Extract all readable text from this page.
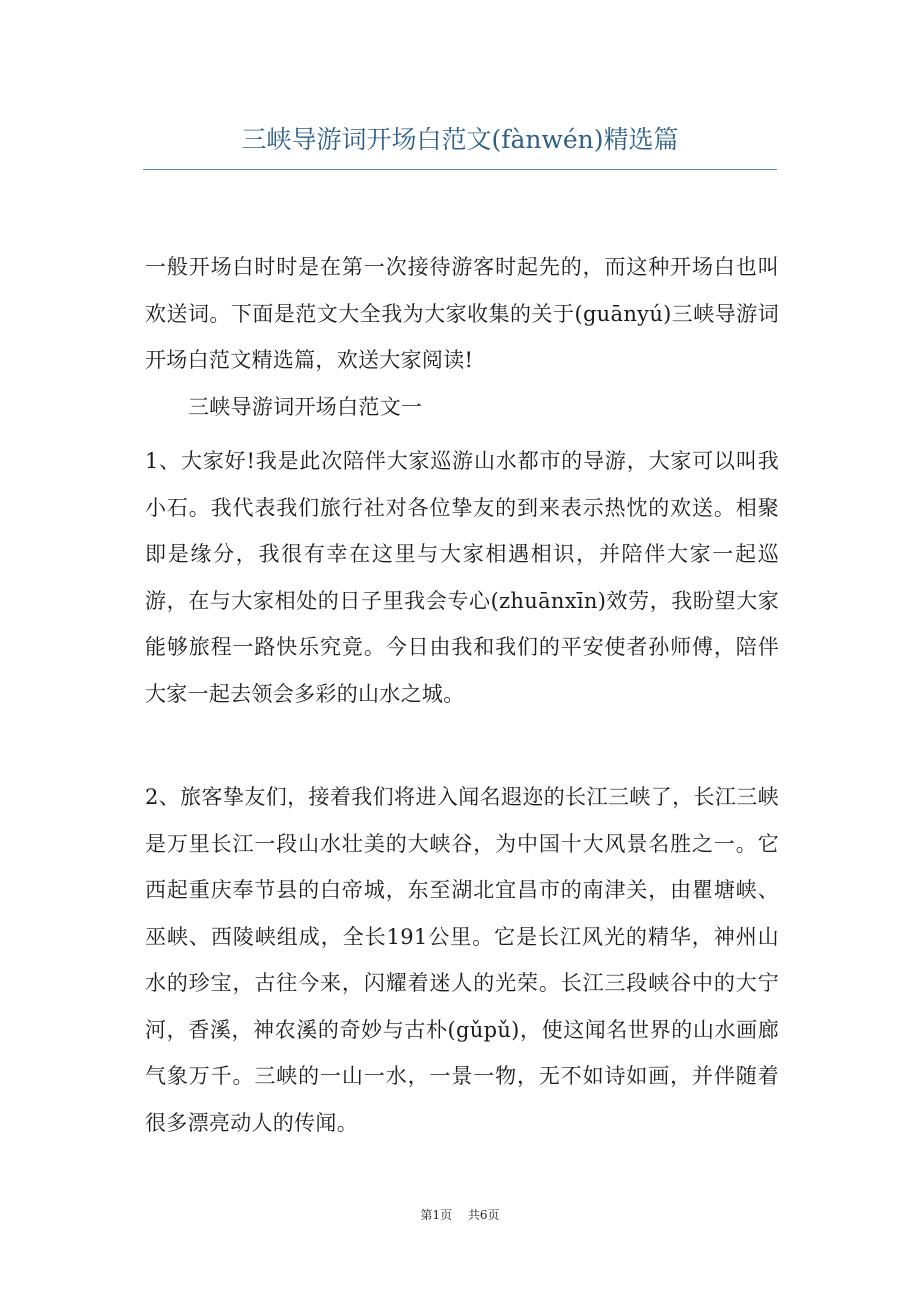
三峡导游词开场白范文(fànwén)精选篇

一般开场白时时是在第一次接待游客时起先的，而这种开场白也叫欢送词。下面是范文大全我为大家收集的关于(guānyú)三峡导游词开场白范文精选篇，欢送大家阅读!

三峡导游词开场白范文一

1、大家好!我是此次陪伴大家巡游山水都市的导游，大家可以叫我小石。我代表我们旅行社对各位挚友的到来表示热忱的欢送。相聚即是缘分，我很有幸在这里与大家相遇相识，并陪伴大家一起巡游，在与大家相处的日子里我会专心(zhuānxīn)效劳，我盼望大家能够旅程一路快乐究竟。今日由我和我们的平安使者孙师傅，陪伴大家一起去领会多彩的山水之城。

2、旅客挚友们，接着我们将进入闻名遐迩的长江三峡了，长江三峡是万里长江一段山水壮美的大峡谷，为中国十大风景名胜之一。它西起重庆奉节县的白帝城，东至湖北宜昌市的南津关，由瞿塘峡、巫峡、西陵峡组成，全长191公里。它是长江风光的精华，神州山水的珍宝，古往今来，闪耀着迷人的光荣。长江三段峡谷中的大宁河，香溪，神农溪的奇妙与古朴(gǔpǔ)，使这闻名世界的山水画廊气象万千。三峡的一山一水，一景一物，无不如诗如画，并伴随着很多漂亮动人的传闻。

第1页 共6页
